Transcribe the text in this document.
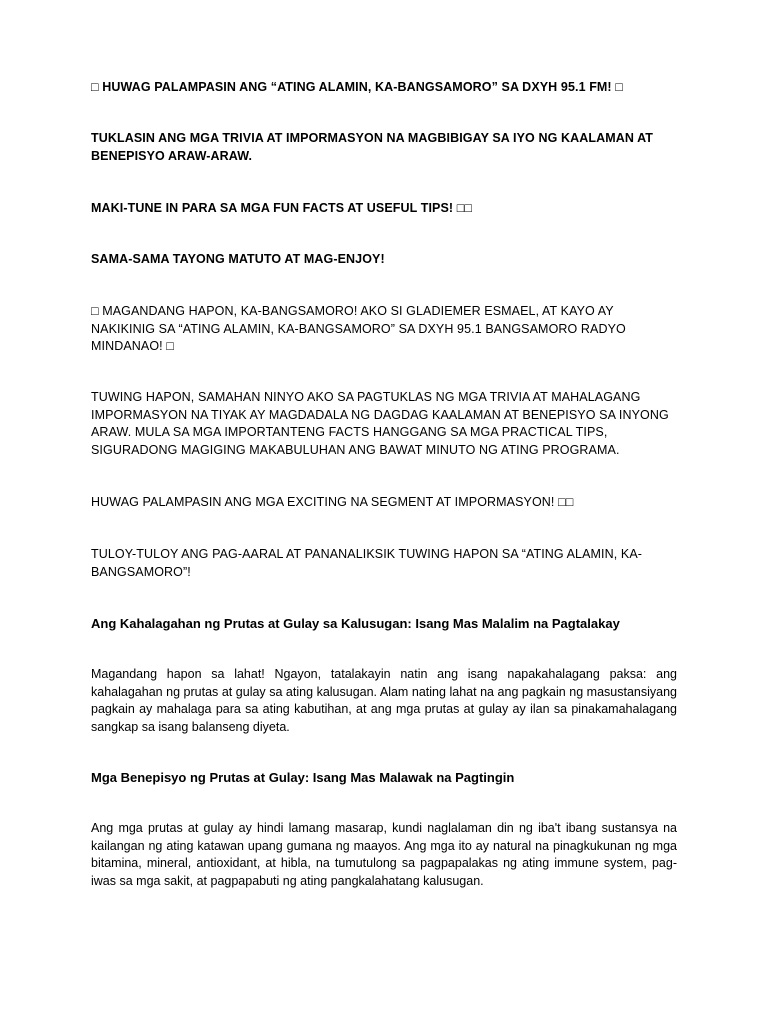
□ HUWAG PALAMPASIN ANG “ATING ALAMIN, KA-BANGSAMORO” SA DXYH 95.1 FM! □

TUKLASIN ANG MGA TRIVIA AT IMPORMASYON NA MAGBIBIGAY SA IYO NG KAALAMAN AT BENEPISYO ARAW-ARAW.

MAKI-TUNE IN PARA SA MGA FUN FACTS AT USEFUL TIPS! □□

SAMA-SAMA TAYONG MATUTO AT MAG-ENJOY!

□ MAGANDANG HAPON, KA-BANGSAMORO! AKO SI GLADIEMER ESMAEL, AT KAYO AY NAKIKINIG SA “ATING ALAMIN, KA-BANGSAMORO” SA DXYH 95.1 BANGSAMORO RADYO MINDANAO! □

TUWING HAPON, SAMAHAN NINYO AKO SA PAGTUKLAS NG MGA TRIVIA AT MAHALAGANG IMPORMASYON NA TIYAK AY MAGDADALA NG DAGDAG KAALAMAN AT BENEPISYO SA INYONG ARAW. MULA SA MGA IMPORTANTENG FACTS HANGGANG SA MGA PRACTICAL TIPS, SIGURADONG MAGIGING MAKABULUHAN ANG BAWAT MINUTO NG ATING PROGRAMA.

HUWAG PALAMPASIN ANG MGA EXCITING NA SEGMENT AT IMPORMASYON! □□

TULOY-TULOY ANG PAG-AARAL AT PANANALIKSIK TUWING HAPON SA “ATING ALAMIN, KA-BANGSAMORO”!

Ang Kahalagahan ng Prutas at Gulay sa Kalusugan: Isang Mas Malalim na Pagtalakay

Magandang hapon sa lahat! Ngayon, tatalakayin natin ang isang napakahalagang paksa: ang kahalagahan ng prutas at gulay sa ating kalusugan. Alam nating lahat na ang pagkain ng masustansiyang pagkain ay mahalaga para sa ating kabutihan, at ang mga prutas at gulay ay ilan sa pinakamahalagang sangkap sa isang balanseng diyeta.

Mga Benepisyo ng Prutas at Gulay: Isang Mas Malawak na Pagtingin

Ang mga prutas at gulay ay hindi lamang masarap, kundi naglalaman din ng iba't ibang sustansya na kailangan ng ating katawan upang gumana ng maayos. Ang mga ito ay natural na pinagkukunan ng mga bitamina, mineral, antioxidant, at hibla, na tumutulong sa pagpapalakas ng ating immune system, pag-iwas sa mga sakit, at pagpapabuti ng ating pangkalahatang kalusugan.
